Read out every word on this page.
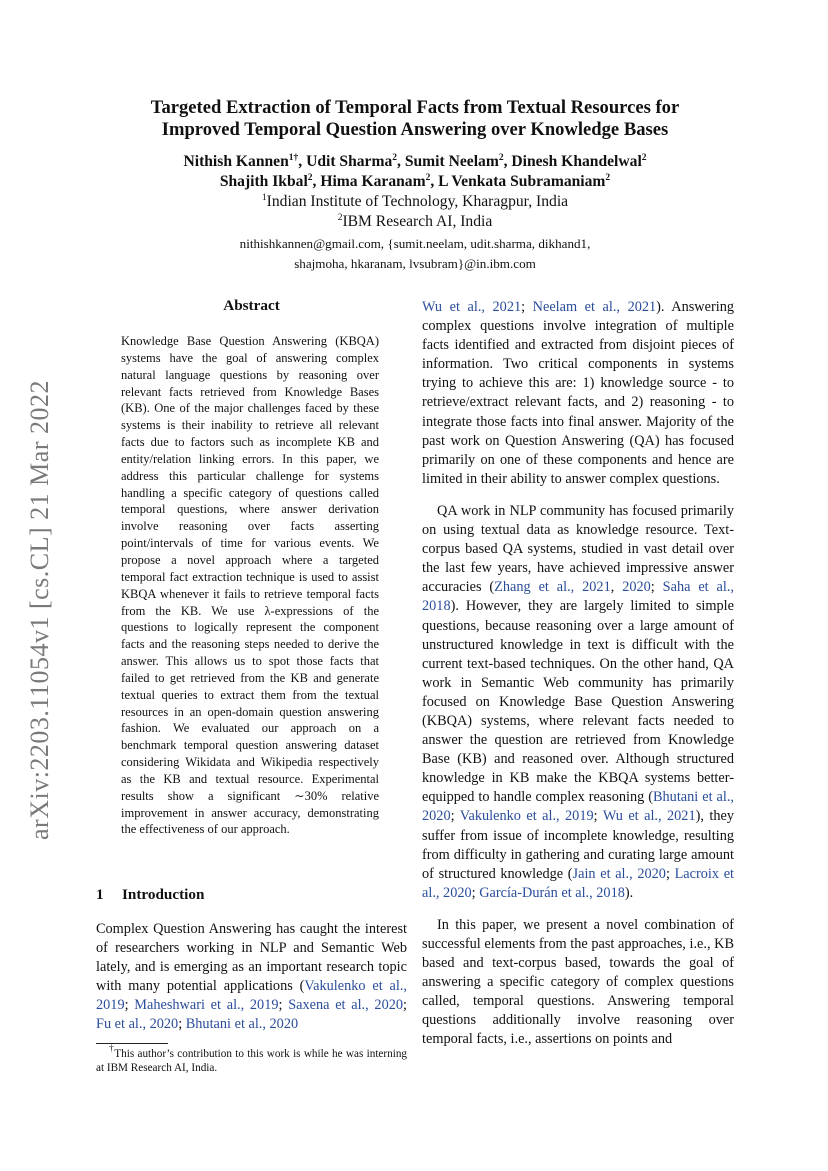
arXiv:2203.11054v1 [cs.CL] 21 Mar 2022
Targeted Extraction of Temporal Facts from Textual Resources for
Improved Temporal Question Answering over Knowledge Bases
Nithish Kannen$^{1\dagger}$, Udit Sharma$^2$, Sumit Neelam$^2$, Dinesh Khandelwal$^2$
Shajith Ikbal$^2$, Hima Karanam$^2$, L Venkata Subramaniam$^2$
$^1$Indian Institute of Technology, Kharagpur, India
$^2$IBM Research AI, India
nithishkannen@gmail.com, {sumit.neelam, udit.sharma, dikhand1,
shajmoha, hkaranam, lvsubram}@in.ibm.com
Abstract

Knowledge Base Question Answering (KBQA) systems have the goal of answering complex natural language questions by reasoning over relevant facts retrieved from Knowledge Bases (KB). One of the major challenges faced by these systems is their inability to retrieve all relevant facts due to factors such as incomplete KB and entity/relation linking errors. In this paper, we address this particular challenge for systems handling a specific category of questions called temporal questions, where answer derivation involve reasoning over facts asserting point/intervals of time for various events. We propose a novel approach where a targeted temporal fact extraction technique is used to assist KBQA whenever it fails to retrieve temporal facts from the KB. We use λ-expressions of the questions to logically represent the component facts and the reasoning steps needed to derive the answer. This allows us to spot those facts that failed to get retrieved from the KB and generate textual queries to extract them from the textual resources in an open-domain question answering fashion. We evaluated our approach on a benchmark temporal question answering dataset considering Wikidata and Wikipedia respectively as the KB and textual resource. Experimental results show a significant ∼30% relative improvement in answer accuracy, demonstrating the effectiveness of our approach.

1 Introduction

Complex Question Answering has caught the interest of researchers working in NLP and Semantic Web lately, and is emerging as an important research topic with many potential applications (Vakulenko et al., 2019; Maheshwari et al., 2019; Saxena et al., 2020; Fu et al., 2020; Bhutani et al., 2020

Wu et al., 2021; Neelam et al., 2021). Answering complex questions involve integration of multiple facts identified and extracted from disjoint pieces of information. Two critical components in systems trying to achieve this are: 1) knowledge source - to retrieve/extract relevant facts, and 2) reasoning - to integrate those facts into final answer. Majority of the past work on Question Answering (QA) has focused primarily on one of these components and hence are limited in their ability to answer complex questions.

QA work in NLP community has focused primarily on using textual data as knowledge resource. Text-corpus based QA systems, studied in vast detail over the last few years, have achieved impressive answer accuracies (Zhang et al., 2021, 2020; Saha et al., 2018). However, they are largely limited to simple questions, because reasoning over a large amount of unstructured knowledge in text is difficult with the current text-based techniques. On the other hand, QA work in Semantic Web community has primarily focused on Knowledge Base Question Answering (KBQA) systems, where relevant facts needed to answer the question are retrieved from Knowledge Base (KB) and reasoned over. Although structured knowledge in KB make the KBQA systems better-equipped to handle complex reasoning (Bhutani et al., 2020; Vakulenko et al., 2019; Wu et al., 2021), they suffer from issue of incomplete knowledge, resulting from difficulty in gathering and curating large amount of structured knowledge (Jain et al., 2020; Lacroix et al., 2020; García-Durán et al., 2018).

In this paper, we present a novel combination of successful elements from the past approaches, i.e., KB based and text-corpus based, towards the goal of answering a specific category of complex questions called, temporal questions. Answering temporal questions additionally involve reasoning over temporal facts, i.e., assertions on points and

†This author’s contribution to this work is while he was interning at IBM Research AI, India.
